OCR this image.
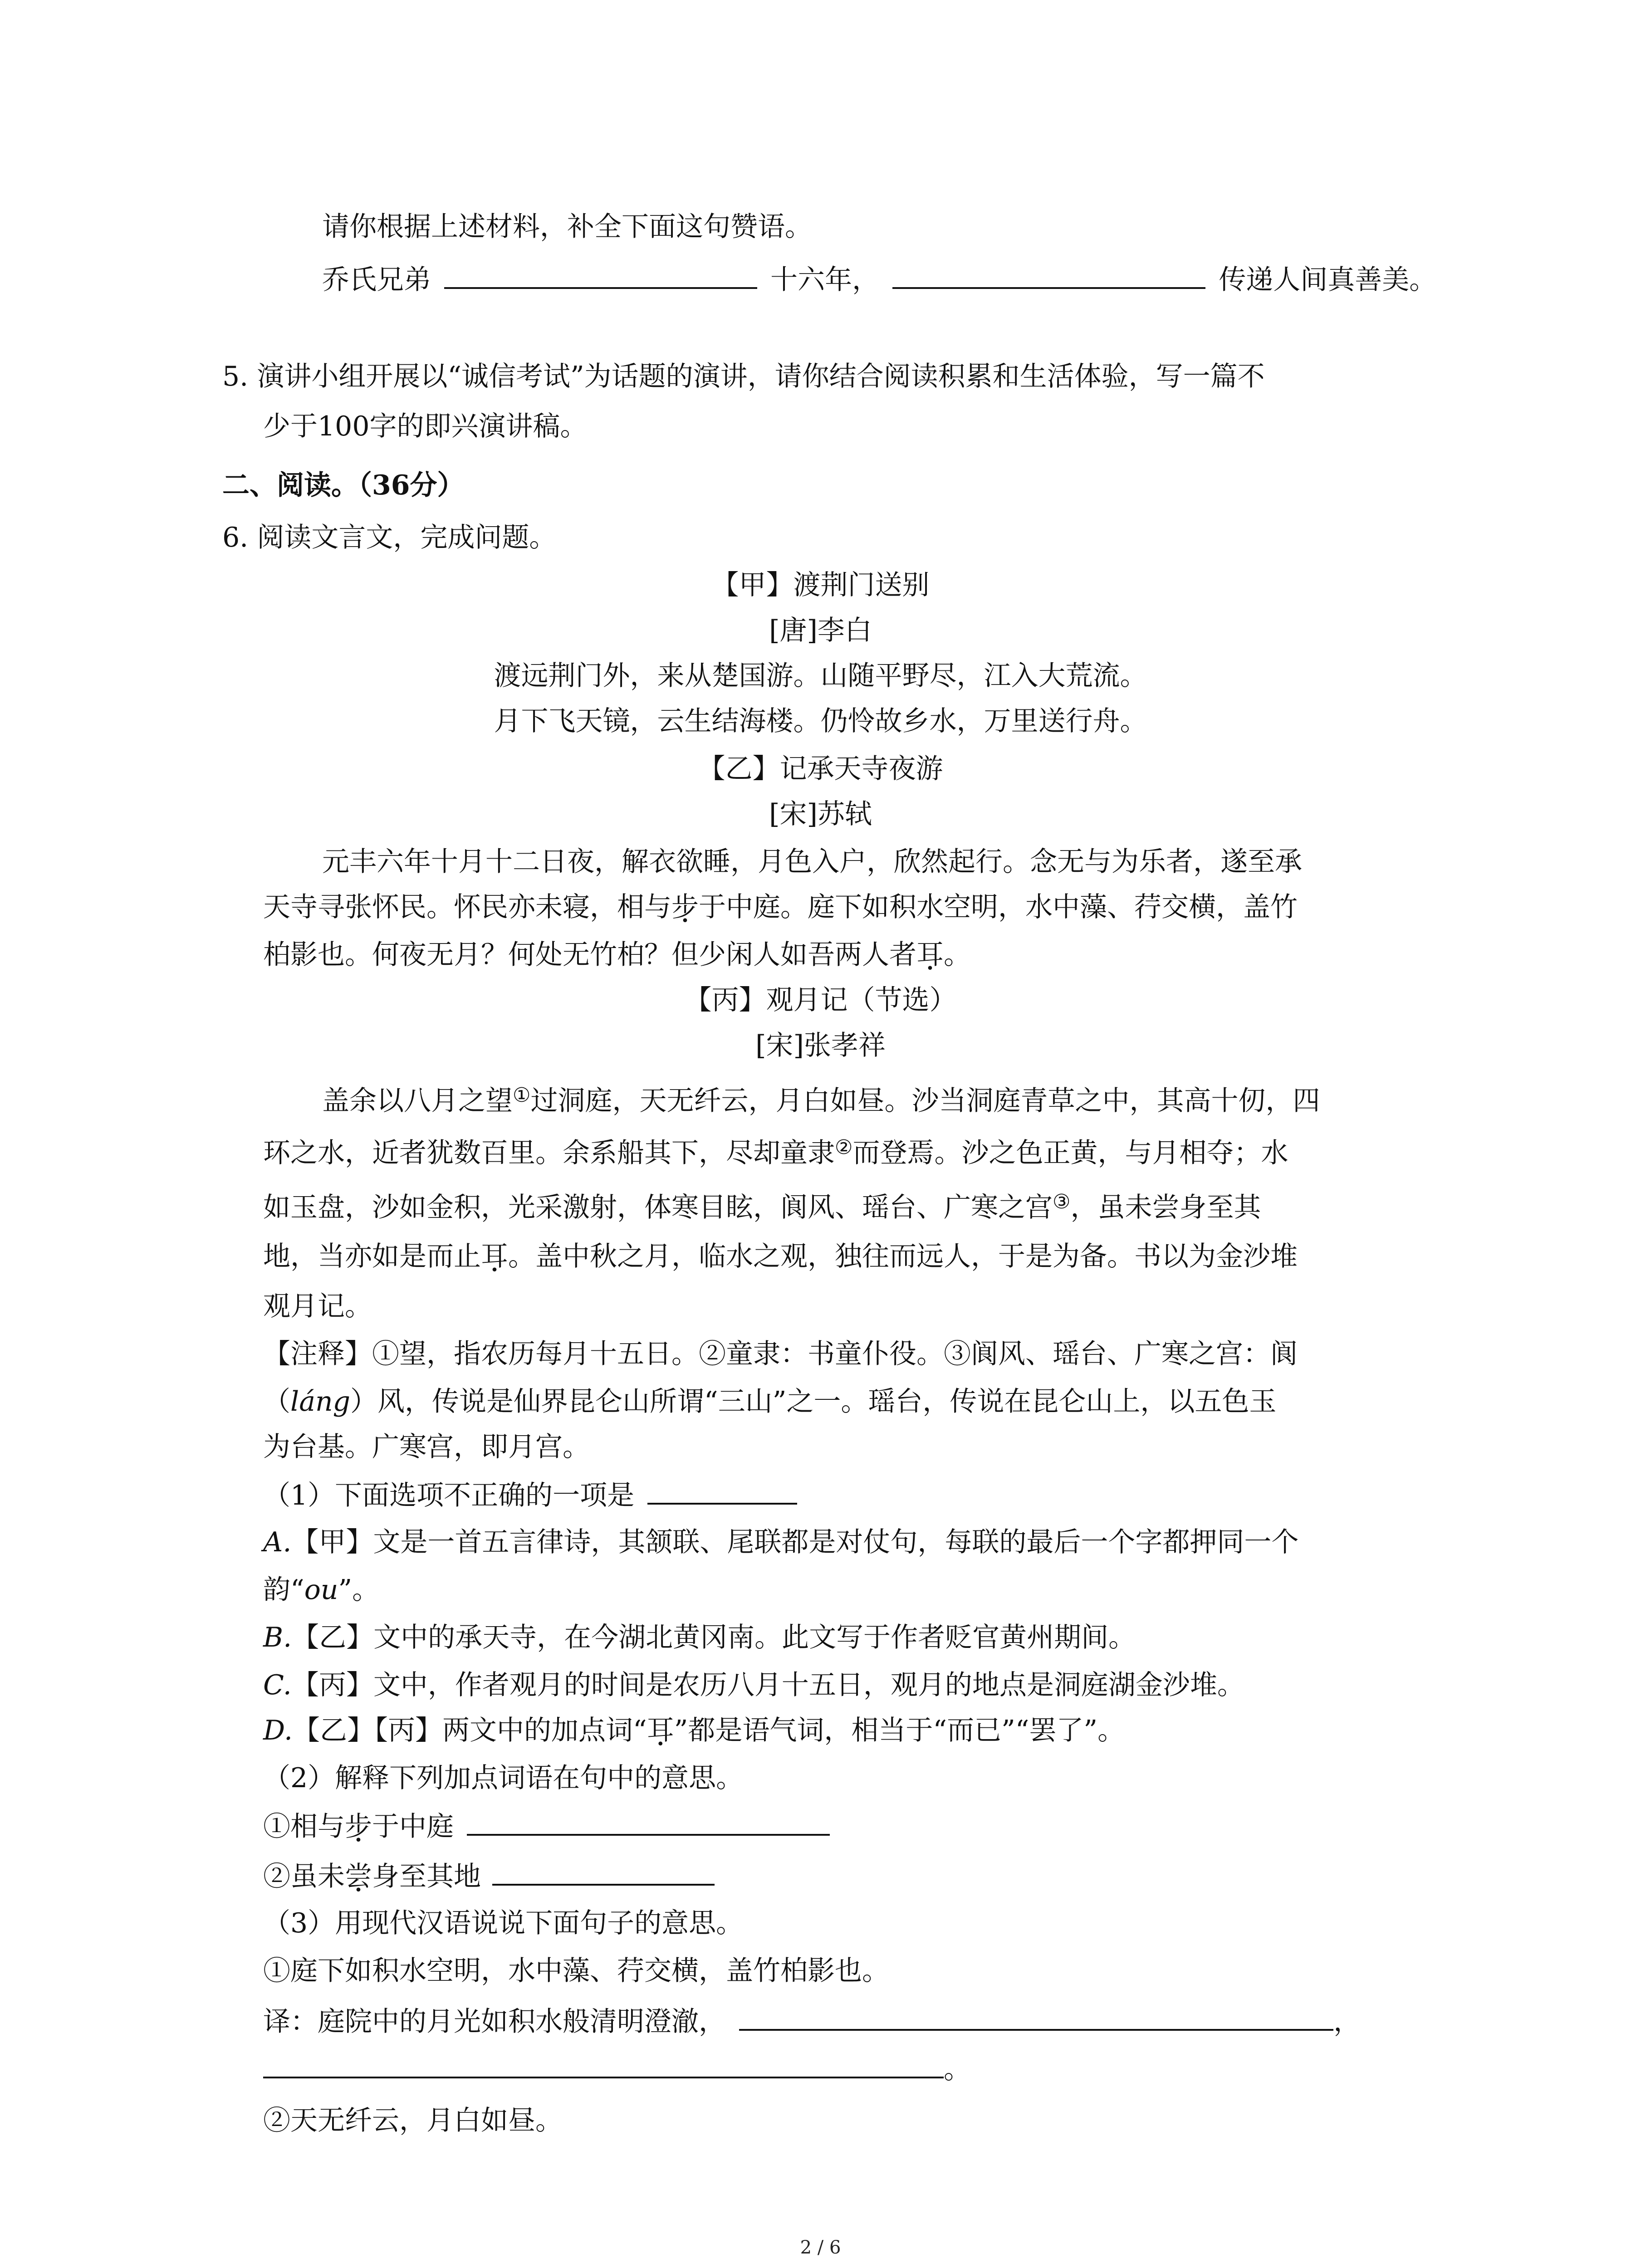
请你根据上述材料，补全下面这句赞语。
乔氏兄弟	十六年，	传递人间真善美。
5. 演讲小组开展以“诚信考试”为话题的演讲，请你结合阅读积累和生活体验，写一篇不
少于100字的即兴演讲稿。
二、阅读。（36分）
6. 阅读文言文，完成问题。
【甲】渡荆门送别
[唐]李白
渡远荆门外，来从楚国游。山随平野尽，江入大荒流。
月下飞天镜，云生结海楼。仍怜故乡水，万里送行舟。
【乙】记承天寺夜游
[宋]苏轼
元丰六年十月十二日夜，解衣欲睡，月色入户，欣然起行。念无与为乐者，遂至承
天寺寻张怀民。怀民亦未寝，相与步于中庭。庭下如积水空明，水中藻、荇交横，盖竹
柏影也。何夜无月？何处无竹柏？但少闲人如吾两人者耳。
【丙】观月记（节选）
[宋]张孝祥
盖余以八月之望①过洞庭，天无纤云，月白如昼。沙当洞庭青草之中，其高十仞，四
环之水，近者犹数百里。余系船其下，尽却童隶②而登焉。沙之色正黄，与月相夺；水
如玉盘，沙如金积，光采激射，体寒目眩，阆风、瑶台、广寒之宫③，虽未尝身至其
地，当亦如是而止耳。盖中秋之月，临水之观，独往而远人，于是为备。书以为金沙堆
观月记。
【注释】①望，指农历每月十五日。②童隶：书童仆役。③阆风、瑶台、广寒之宫：阆
（láng）风，传说是仙界昆仑山所谓“三山”之一。瑶台，传说在昆仑山上，以五色玉
为台基。广寒宫，即月宫。
（1）下面选项不正确的一项是
A.【甲】文是一首五言律诗，其颔联、尾联都是对仗句，每联的最后一个字都押同一个
韵“ou”。
B.【乙】文中的承天寺，在今湖北黄冈南。此文写于作者贬官黄州期间。
C.【丙】文中，作者观月的时间是农历八月十五日，观月的地点是洞庭湖金沙堆。
D.【乙】【丙】两文中的加点词“耳”都是语气词，相当于“而已”“罢了”。
（2）解释下列加点词语在句中的意思。
①相与步于中庭
②虽未尝身至其地
（3）用现代汉语说说下面句子的意思。
①庭下如积水空明，水中藻、荇交横，盖竹柏影也。
译：庭院中的月光如积水般清明澄澈，	，
。
②天无纤云，月白如昼。
2 / 6
